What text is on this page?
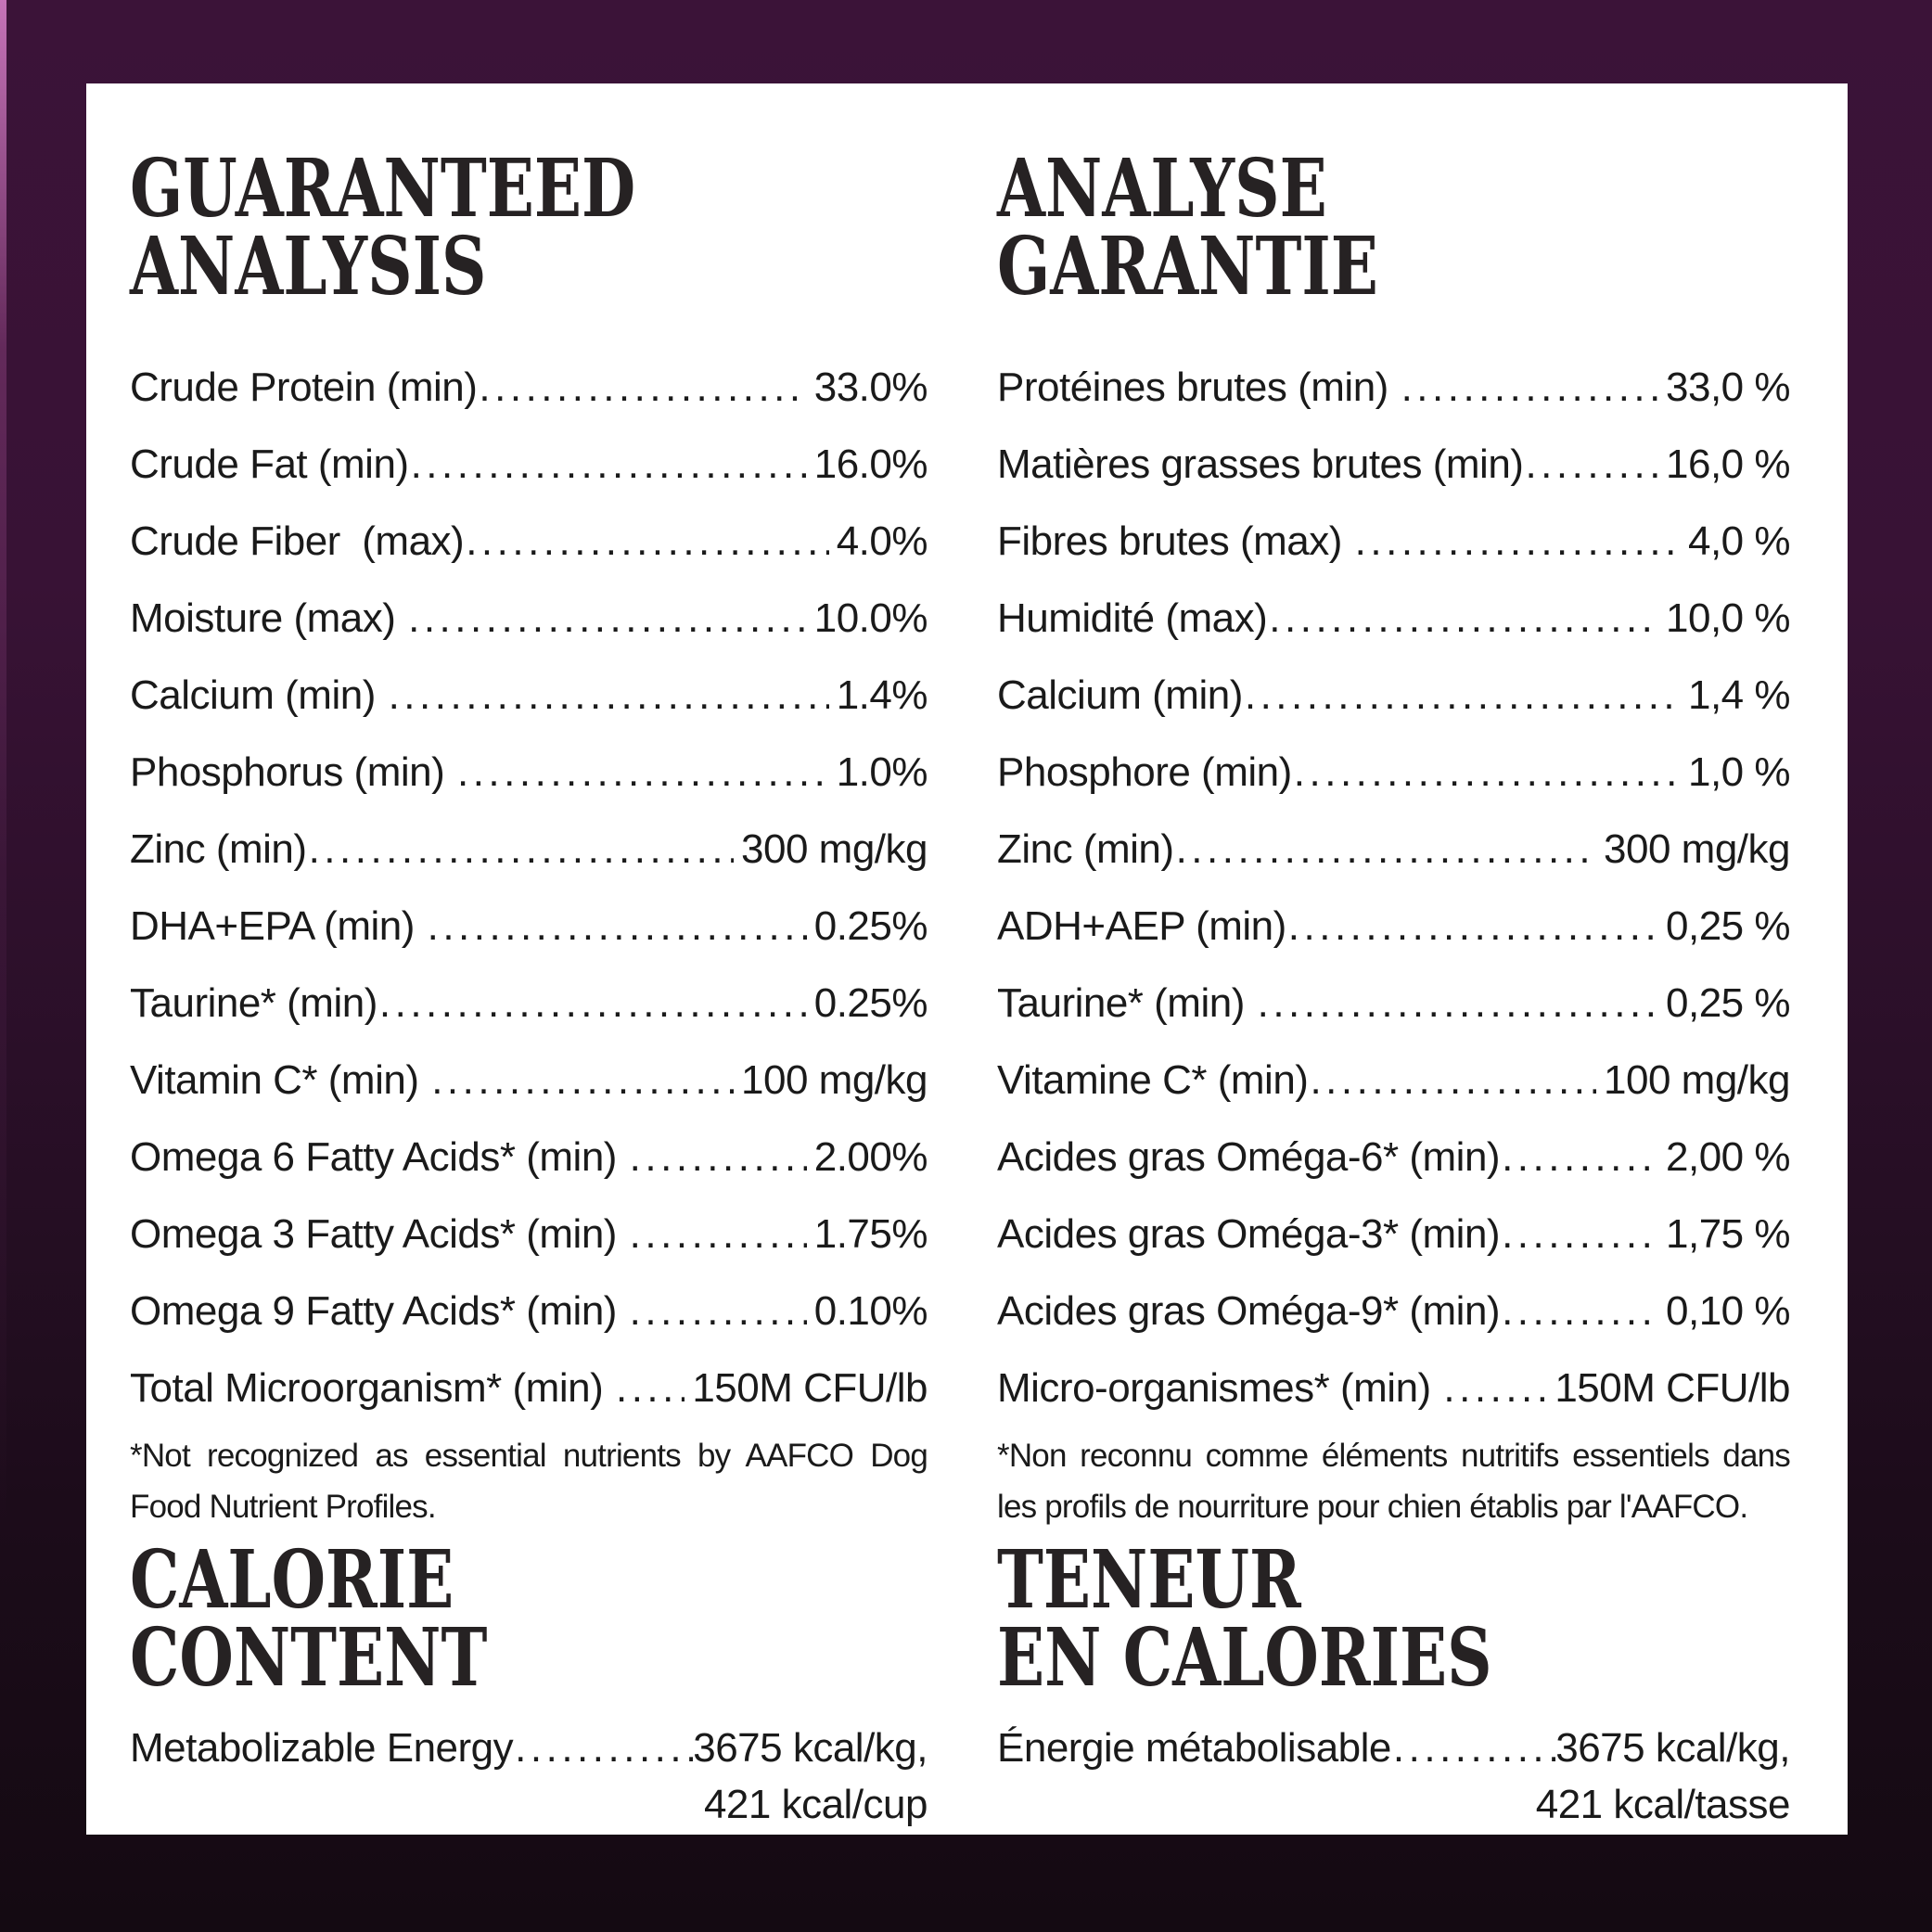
GUARANTEEDANALYSIS
Crude Protein (min) .....	33.0%
Crude Fat (min) .....	16.0%
Crude Fiber  (max) .....	4.0%
Moisture (max) .....	10.0%
Calcium (min) .....	1.4%
Phosphorus (min) .....	1.0%
Zinc (min) .....	300 mg/kg
DHA+EPA (min) .....	0.25%
Taurine* (min) .....	0.25%
Vitamin C* (min) .....	100 mg/kg
Omega 6 Fatty Acids* (min) .....	2.00%
Omega 3 Fatty Acids* (min) .....	1.75%
Omega 9 Fatty Acids* (min) .....	0.10%
Total Microorganism* (min) ..... 150M CFU/lb

*Not recognized as essential nutrients by AAFCO Dog Food Nutrient Profiles.

CALORIECONTENT
Metabolizable Energy .....	3675 kcal/kg,
421 kcal/cup
ANALYSEGARANTIE
Protéines brutes (min) .....	33,0 %
Matières grasses brutes (min) .....	16,0 %
Fibres brutes (max) .....	4,0 %
Humidité (max) .....	10,0 %
Calcium (min) .....	1,4 %
Phosphore (min) .....	1,0 %
Zinc (min) .....	300 mg/kg
ADH+AEP (min) .....	0,25 %
Taurine* (min) .....	0,25 %
Vitamine C* (min) .....	100 mg/kg
Acides gras Oméga-6* (min) .....	2,00 %
Acides gras Oméga-3* (min) .....	1,75 %
Acides gras Oméga-9* (min) .....	0,10 %
Micro-organismes* (min) .....	150M CFU/lb

*Non reconnu comme éléments nutritifs essentiels dans les profils de nourriture pour chien établis par l'AAFCO.

TENEUREN CALORIES
Énergie métabolisable .....	3675 kcal/kg,
421 kcal/tasse
